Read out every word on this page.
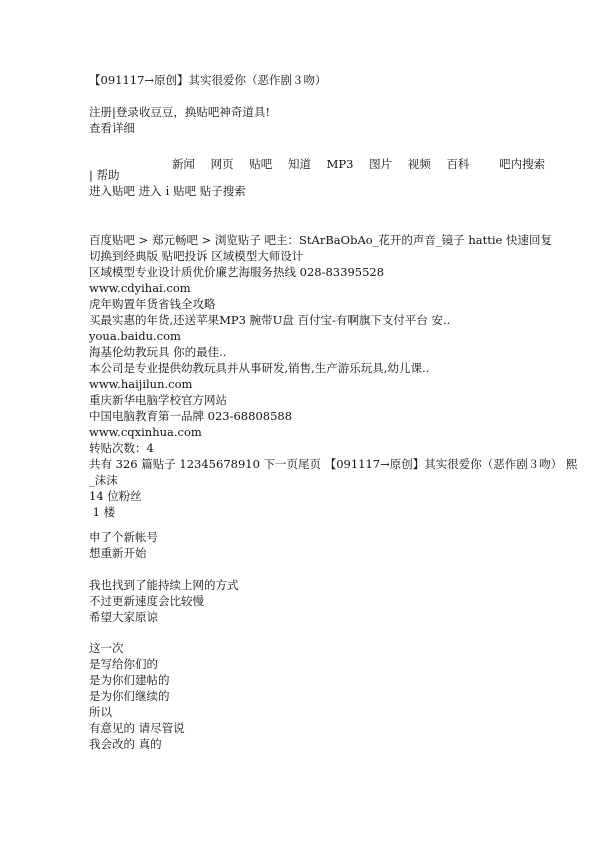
【091117→原创】其实很爱你（恶作剧３吻）
注册|登录收豆豆，换贴吧神奇道具!
查看详细
新闻 网页 贴吧 知道 MP3 图片 视频 百科	吧内搜索
| 帮助
进入贴吧 进入ｉ贴吧 贴子搜索
百度贴吧 > 郑元畅吧 > 浏览贴子 吧主：StArBaObAo_花开的声音_镜子 hattie 快速回复
切换到经典版 贴吧投诉 区域模型大师设计
区域模型专业设计质优价廉艺海服务热线 028-83395528
www.cdyihai.com
虎年购置年货省钱全攻略
买最实惠的年货,还送苹果MP3 腕带U盘 百付宝-有啊旗下支付平台 安..
youa.baidu.com
海基伦幼教玩具 你的最佳..
本公司是专业提供幼教玩具并从事研发,销售,生产游乐玩具,幼儿课..
www.haijilun.com
重庆新华电脑学校官方网站
中国电脑教育第一品牌 023-68808588
www.cqxinhua.com
转贴次数：4
共有 326 篇贴子 12345678910 下一页尾页 【091117→原创】其实很爱你（恶作剧３吻） 熙
_沫沫
14 位粉丝
1 楼
申了个新帐号
想重新开始
我也找到了能持续上网的方式
不过更新速度会比较慢
希望大家原谅
这一次
是写给你们的
是为你们建帖的
是为你们继续的
所以
有意见的 请尽管说
我会改的 真的
